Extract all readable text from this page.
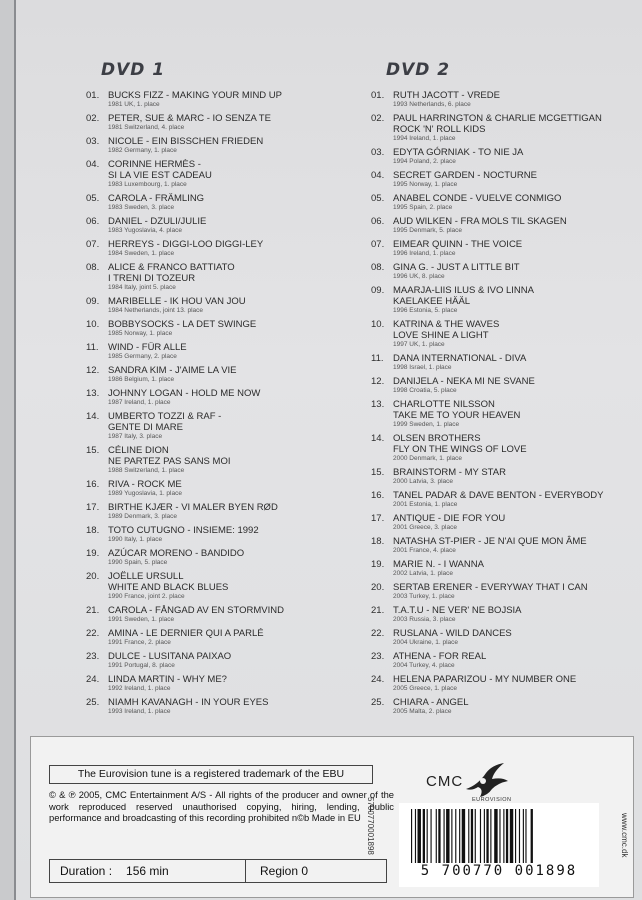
DVD 1
01. BUCKS FIZZ - MAKING YOUR MIND UP
1981 UK, 1. place
02. PETER, SUE & MARC - IO SENZA TE
1981 Switzerland, 4. place
03. NICOLE - EIN BISSCHEN FRIEDEN
1982 Germany, 1. place
04. CORINNE HERMÈS -
SI LA VIE EST CADEAU
1983 Luxembourg, 1. place
05. CAROLA - FRÄMLING
1983 Sweden, 3. place
06. DANIEL - DZULI/JULIE
1983 Yugoslavia, 4. place
07. HERREYS - DIGGI-LOO DIGGI-LEY
1984 Sweden, 1. place
08. ALICE & FRANCO BATTIATO
I TRENI DI TOZEUR
1984 Italy, joint 5. place
09. MARIBELLE - IK HOU VAN JOU
1984 Netherlands, joint 13. place
10. BOBBYSOCKS - LA DET SWINGE
1985 Norway, 1. place
11. WIND - FÜR ALLE
1985 Germany, 2. place
12. SANDRA KIM - J'AIME LA VIE
1986 Belgium, 1. place
13. JOHNNY LOGAN - HOLD ME NOW
1987 Ireland, 1. place
14. UMBERTO TOZZI & RAF -
GENTE DI MARE
1987 Italy, 3. place
15. CÉLINE DION
NE PARTEZ PAS SANS MOI
1988 Switzerland, 1. place
16. RIVA - ROCK ME
1989 Yugoslavia, 1. place
17. BIRTHE KJÆR - VI MALER BYEN RØD
1989 Denmark, 3. place
18. TOTO CUTUGNO - INSIEME: 1992
1990 Italy, 1. place
19. AZÚCAR MORENO - BANDIDO
1990 Spain, 5. place
20. JOËLLE URSULL
WHITE AND BLACK BLUES
1990 France, joint 2. place
21. CAROLA - FÅNGAD AV EN STORMVIND
1991 Sweden, 1. place
22. AMINA - LE DERNIER QUI A PARLÉ
1991 France, 2. place
23. DULCE - LUSITANA PAIXAO
1991 Portugal, 8. place
24. LINDA MARTIN - WHY ME?
1992 Ireland, 1. place
25. NIAMH KAVANAGH - IN YOUR EYES
1993 Ireland, 1. place
DVD 2
01. RUTH JACOTT - VREDE
1993 Netherlands, 6. place
02. PAUL HARRINGTON & CHARLIE MCGETTIGAN
ROCK 'N' ROLL KIDS
1994 Ireland, 1. place
03. EDYTA GÓRNIAK - TO NIE JA
1994 Poland, 2. place
04. SECRET GARDEN - NOCTURNE
1995 Norway, 1. place
05. ANABEL CONDE - VUELVE CONMIGO
1995 Spain, 2. place
06. AUD WILKEN - FRA MOLS TIL SKAGEN
1995 Denmark, 5. place
07. EIMEAR QUINN - THE VOICE
1996 Ireland, 1. place
08. GINA G. - JUST A LITTLE BIT
1996 UK, 8. place
09. MAARJA-LIIS ILUS & IVO LINNA
KAELAKEE HÄÄL
1996 Estonia, 5. place
10. KATRINA & THE WAVES
LOVE SHINE A LIGHT
1997 UK, 1. place
11. DANA INTERNATIONAL - DIVA
1998 Israel, 1. place
12. DANIJELA - NEKA MI NE SVANE
1998 Croatia, 5. place
13. CHARLOTTE NILSSON
TAKE ME TO YOUR HEAVEN
1999 Sweden, 1. place
14. OLSEN BROTHERS
FLY ON THE WINGS OF LOVE
2000 Denmark, 1. place
15. BRAINSTORM - MY STAR
2000 Latvia, 3. place
16. TANEL PADAR & DAVE BENTON - EVERYBODY
2001 Estonia, 1. place
17. ANTIQUE - DIE FOR YOU
2001 Greece, 3. place
18. NATASHA ST-PIER - JE N'AI QUE MON ÂME
2001 France, 4. place
19. MARIE N. - I WANNA
2002 Latvia, 1. place
20. SERTAB ERENER - EVERYWAY THAT I CAN
2003 Turkey, 1. place
21. T.A.T.U - NE VER' NE BOJSIA
2003 Russia, 3. place
22. RUSLANA - WILD DANCES
2004 Ukraine, 1. place
23. ATHENA - FOR REAL
2004 Turkey, 4. place
24. HELENA PAPARIZOU - MY NUMBER ONE
2005 Greece, 1. place
25. CHIARA - ANGEL
2005 Malta, 2. place
The Eurovision tune is a registered trademark of the EBU
© & ℗ 2005, CMC Entertainment A/S - All rights of the producer and owner of the work reproduced reserved unauthorised copying, hiring, lending, public performance and broadcasting of this recording prohibited n©b Made in EU
Duration : 156 min	Region 0
CMC
EUROVISION
5700770001898
5 700770 001898
www.cmc.dk
